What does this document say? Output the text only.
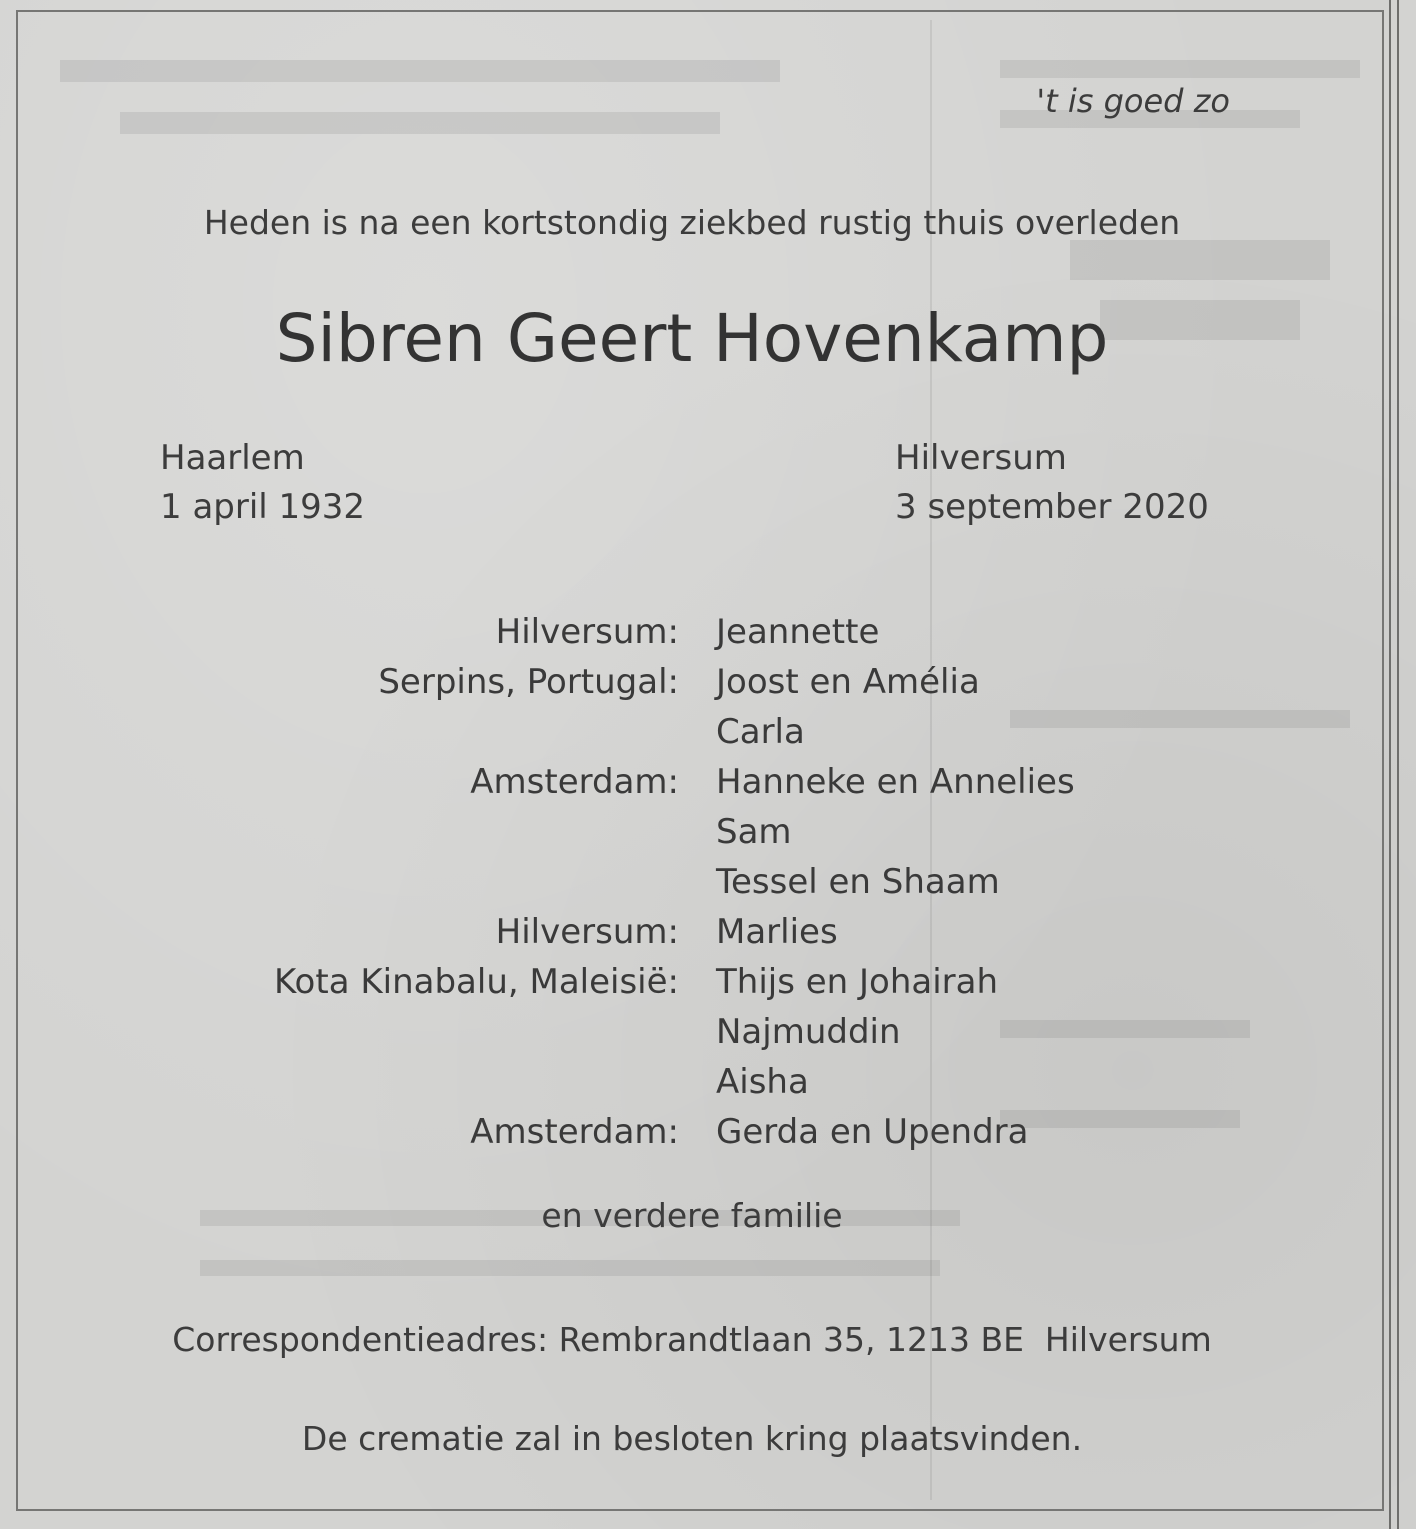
't is goed zo

Heden is na een kortstondig ziekbed rustig thuis overleden

Sibren Geert Hovenkamp

Haarlem

1 april 1932

Hilversum

3 september 2020

Hilversum: Jeannette
Serpins, Portugal: Joost en Amélia
Carla
Amsterdam: Hanneke en Annelies
Sam
Tessel en Shaam
Hilversum: Marlies
Kota Kinabalu, Maleisië: Thijs en Johairah
Najmuddin
Aisha
Amsterdam: Gerda en Upendra

en verdere familie

Correspondentieadres: Rembrandtlaan 35, 1213 BE  Hilversum

De crematie zal in besloten kring plaatsvinden.
